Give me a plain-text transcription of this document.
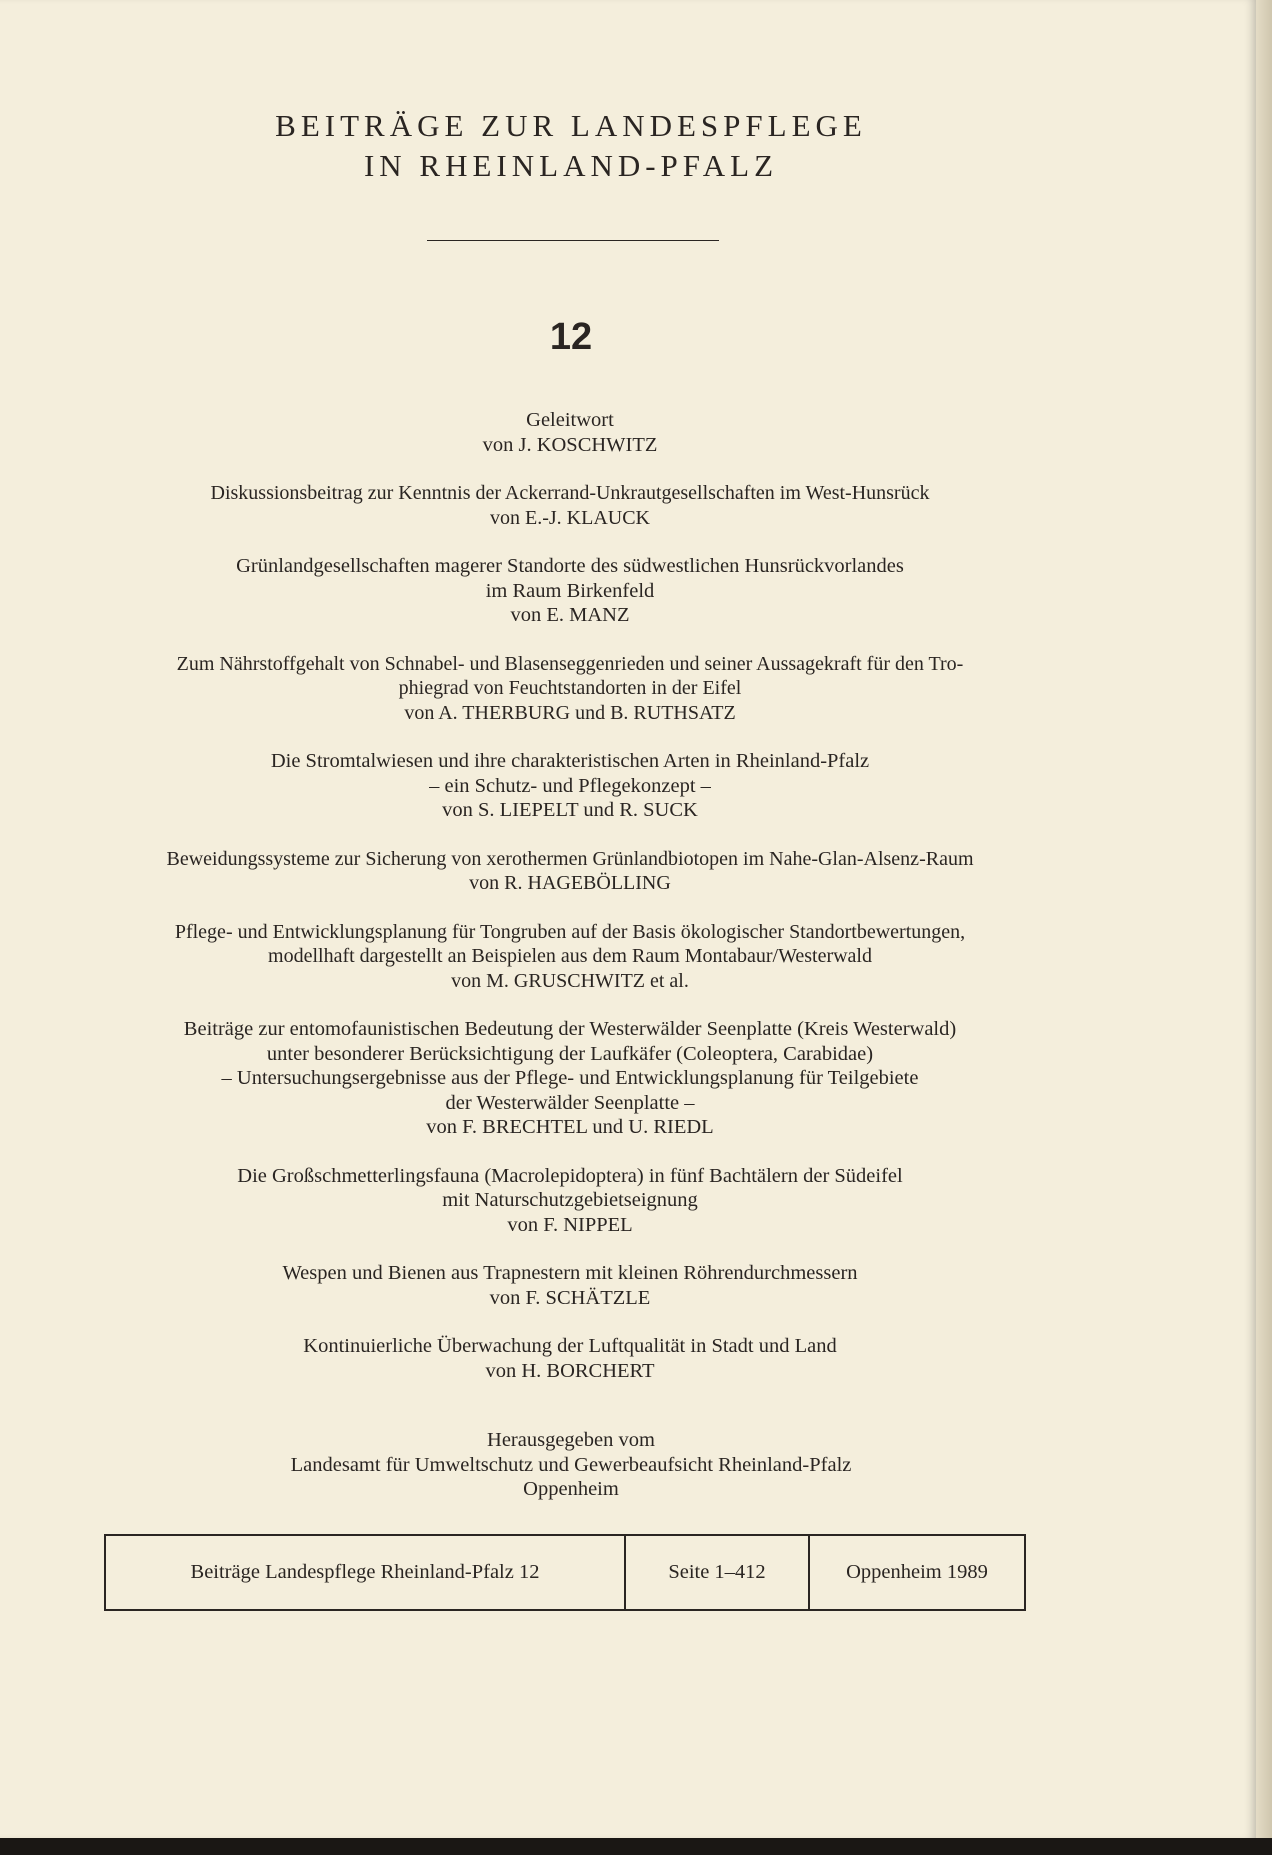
BEITRÄGE ZUR LANDESPFLEGE
IN RHEINLAND-PFALZ
12
Geleitwort
von J. KOSCHWITZ
Diskussionsbeitrag zur Kenntnis der Ackerrand-Unkrautgesellschaften im West-Hunsrück
von E.-J. KLAUCK
Grünlandgesellschaften magerer Standorte des südwestlichen Hunsrückvorlandes
im Raum Birkenfeld
von E. MANZ
Zum Nährstoffgehalt von Schnabel- und Blasenseggenrieden und seiner Aussagekraft für den Tro-
phiegrad von Feuchtstandorten in der Eifel
von A. THERBURG und B. RUTHSATZ
Die Stromtalwiesen und ihre charakteristischen Arten in Rheinland-Pfalz
– ein Schutz- und Pflegekonzept –
von S. LIEPELT und R. SUCK
Beweidungssysteme zur Sicherung von xerothermen Grünlandbiotopen im Nahe-Glan-Alsenz-Raum
von R. HAGEBÖLLING
Pflege- und Entwicklungsplanung für Tongruben auf der Basis ökologischer Standortbewertungen,
modellhaft dargestellt an Beispielen aus dem Raum Montabaur/Westerwald
von M. GRUSCHWITZ et al.
Beiträge zur entomofaunistischen Bedeutung der Westerwälder Seenplatte (Kreis Westerwald)
unter besonderer Berücksichtigung der Laufkäfer (Coleoptera, Carabidae)
– Untersuchungsergebnisse aus der Pflege- und Entwicklungsplanung für Teilgebiete
der Westerwälder Seenplatte –
von F. BRECHTEL und U. RIEDL
Die Großschmetterlingsfauna (Macrolepidoptera) in fünf Bachtälern der Südeifel
mit Naturschutzgebietseignung
von F. NIPPEL
Wespen und Bienen aus Trapnestern mit kleinen Röhrendurchmessern
von F. SCHÄTZLE
Kontinuierliche Überwachung der Luftqualität in Stadt und Land
von H. BORCHERT
Herausgegeben vom
Landesamt für Umweltschutz und Gewerbeaufsicht Rheinland-Pfalz
Oppenheim
Beiträge Landespflege Rheinland-Pfalz 12	Seite 1–412	Oppenheim 1989
